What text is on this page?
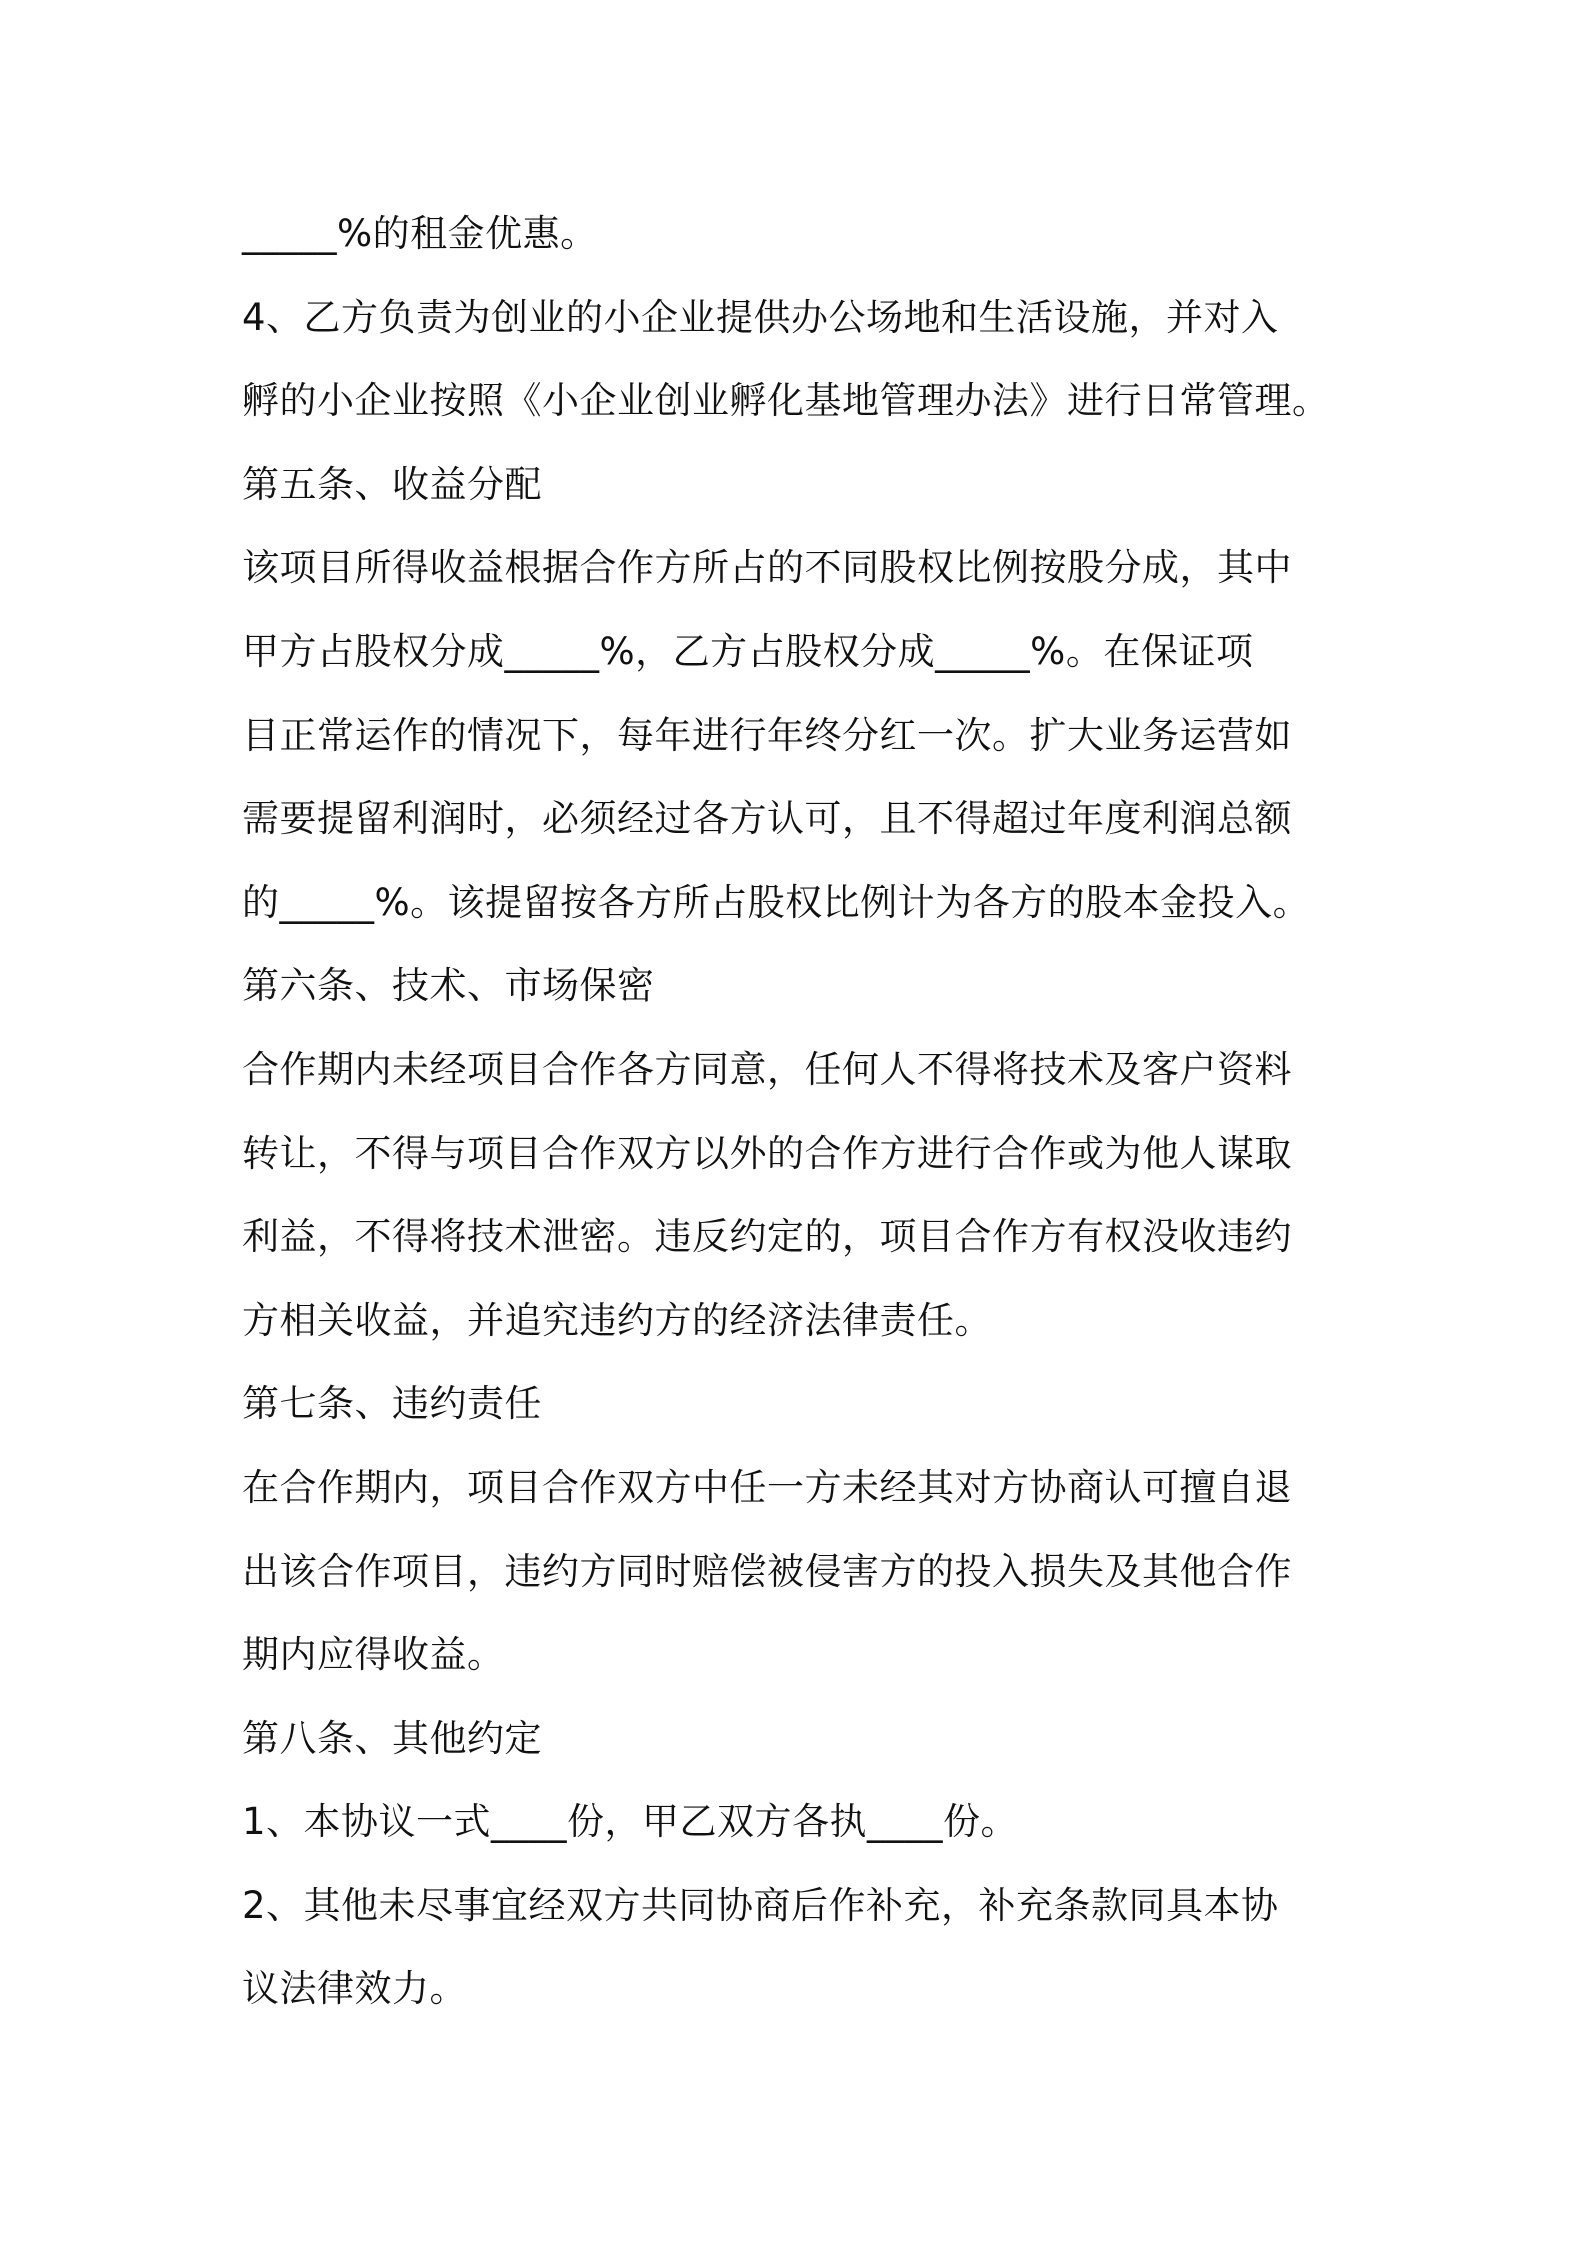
_____%的租金优惠。
4、乙方负责为创业的小企业提供办公场地和生活设施，并对入
孵的小企业按照《小企业创业孵化基地管理办法》进行日常管理。
第五条、收益分配
该项目所得收益根据合作方所占的不同股权比例按股分成，其中
甲方占股权分成_____%，乙方占股权分成_____%。在保证项
目正常运作的情况下，每年进行年终分红一次。扩大业务运营如
需要提留利润时，必须经过各方认可，且不得超过年度利润总额
的_____%。该提留按各方所占股权比例计为各方的股本金投入。
第六条、技术、市场保密
合作期内未经项目合作各方同意，任何人不得将技术及客户资料
转让，不得与项目合作双方以外的合作方进行合作或为他人谋取
利益，不得将技术泄密。违反约定的，项目合作方有权没收违约
方相关收益，并追究违约方的经济法律责任。
第七条、违约责任
在合作期内，项目合作双方中任一方未经其对方协商认可擅自退
出该合作项目，违约方同时赔偿被侵害方的投入损失及其他合作
期内应得收益。
第八条、其他约定
1、本协议一式____份，甲乙双方各执____份。
2、其他未尽事宜经双方共同协商后作补充，补充条款同具本协
议法律效力。
